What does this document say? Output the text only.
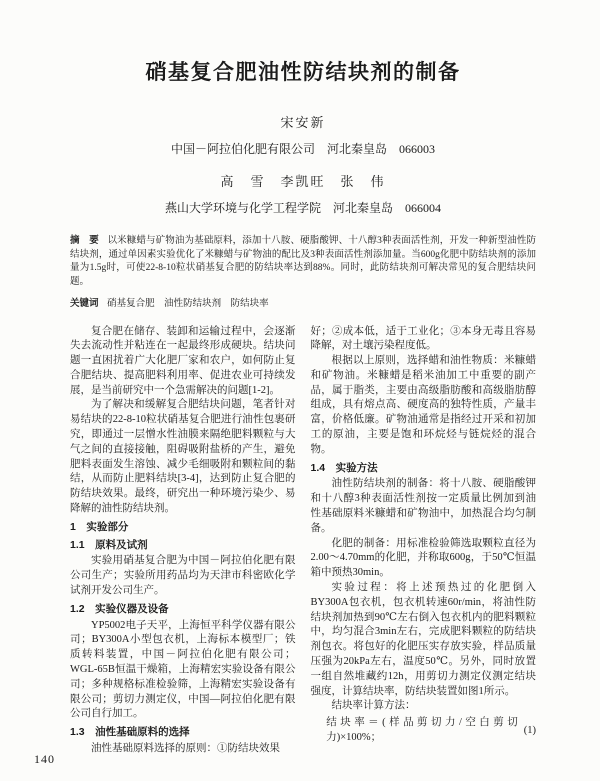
硝基复合肥油性防结块剂的制备
宋安新
中国－阿拉伯化肥有限公司　河北秦皇岛　066003
高　雪　李凯旺　张　伟
燕山大学环境与化学工程学院　河北秦皇岛　066004

摘　要 以米糠蜡与矿物油为基础原料，添加十八胺、硬脂酸钾、十八醇3种表面活性剂，开发一种新型油性防结块剂，通过单因素实验优化了米糠蜡与矿物油的配比及3种表面活性剂添加量。当600g化肥中防结块剂的添加量为1.5g时，可使22-8-10粒状硝基复合肥的防结块率达到88%。同时，此防结块剂可解决常见的复合肥结块问题。

关键词 硝基复合肥　油性防结块剂　防结块率

复合肥在储存、装卸和运输过程中，会逐渐失去流动性并粘连在一起最终形成硬块。结块问题一直困扰着广大化肥厂家和农户，如何防止复合肥结块、提高肥料利用率、促进农业可持续发展，是当前研究中一个急需解决的问题[1-2]。

为了解决和缓解复合肥结块问题，笔者针对易结块的22-8-10粒状硝基复合肥进行油性包裹研究，即通过一层憎水性油膜来隔绝肥料颗粒与大气之间的直接接触，阻碍吸附盐桥的产生，避免肥料表面发生溶蚀、减少毛细吸附和颗粒间的黏结，从而防止肥料结块[3-4]，达到防止复合肥的防结块效果。最终，研究出一种环境污染少、易降解的油性防结块剂。

1　实验部分
1.1　原料及试剂

实验用硝基复合肥为中国－阿拉伯化肥有限公司生产；实验所用药品均为天津市科密欧化学试剂开发公司生产。

1.2　实验仪器及设备

YP5002电子天平，上海恒平科学仪器有限公司；BY300A小型包衣机，上海标本模型厂；铁质转料装置，中国－阿拉伯化肥有限公司；WGL-65B恒温干燥箱，上海精宏实验设备有限公司；多种规格标准检验筛，上海精宏实验设备有限公司；剪切力测定仪，中国—阿拉伯化肥有限公司自行加工。

1.3　油性基础原料的选择

油性基础原料选择的原则：①防结块效果

好；②成本低，适于工业化；③本身无毒且容易降解，对土壤污染程度低。

根据以上原则，选择蜡和油性物质：米糠蜡和矿物油。米糠蜡是稻米油加工中重要的副产品，属于脂类，主要由高级脂肪酸和高级脂肪醇组成，具有熔点高、硬度高的独特性质，产量丰富，价格低廉。矿物油通常是指经过开采和初加工的原油，主要是饱和环烷烃与链烷烃的混合物。

1.4　实验方法

油性防结块剂的制备：将十八胺、硬脂酸钾和十八醇3种表面活性剂按一定质量比例加到油性基础原料米糠蜡和矿物油中，加热混合均匀制备。

化肥的制备：用标准检验筛选取颗粒直径为2.00～4.70mm的化肥，并称取600g，于50℃恒温箱中预热30min。

实验过程：将上述预热过的化肥倒入BY300A包衣机，包衣机转速60r/min，将油性防结块剂加热到90℃左右倒入包衣机内的肥料颗粒中，均匀混合3min左右，完成肥料颗粒的防结块剂包衣。将包好的化肥压实存放实验，样品质量压强为20kPa左右，温度50℃。另外，同时放置一组自然堆藏约12h，用剪切力测定仪测定结块强度，计算结块率，防结块装置如图1所示。

结块率计算方法：

结块率＝(样品剪切力/空白剪切力)×100%；
(1)
140
